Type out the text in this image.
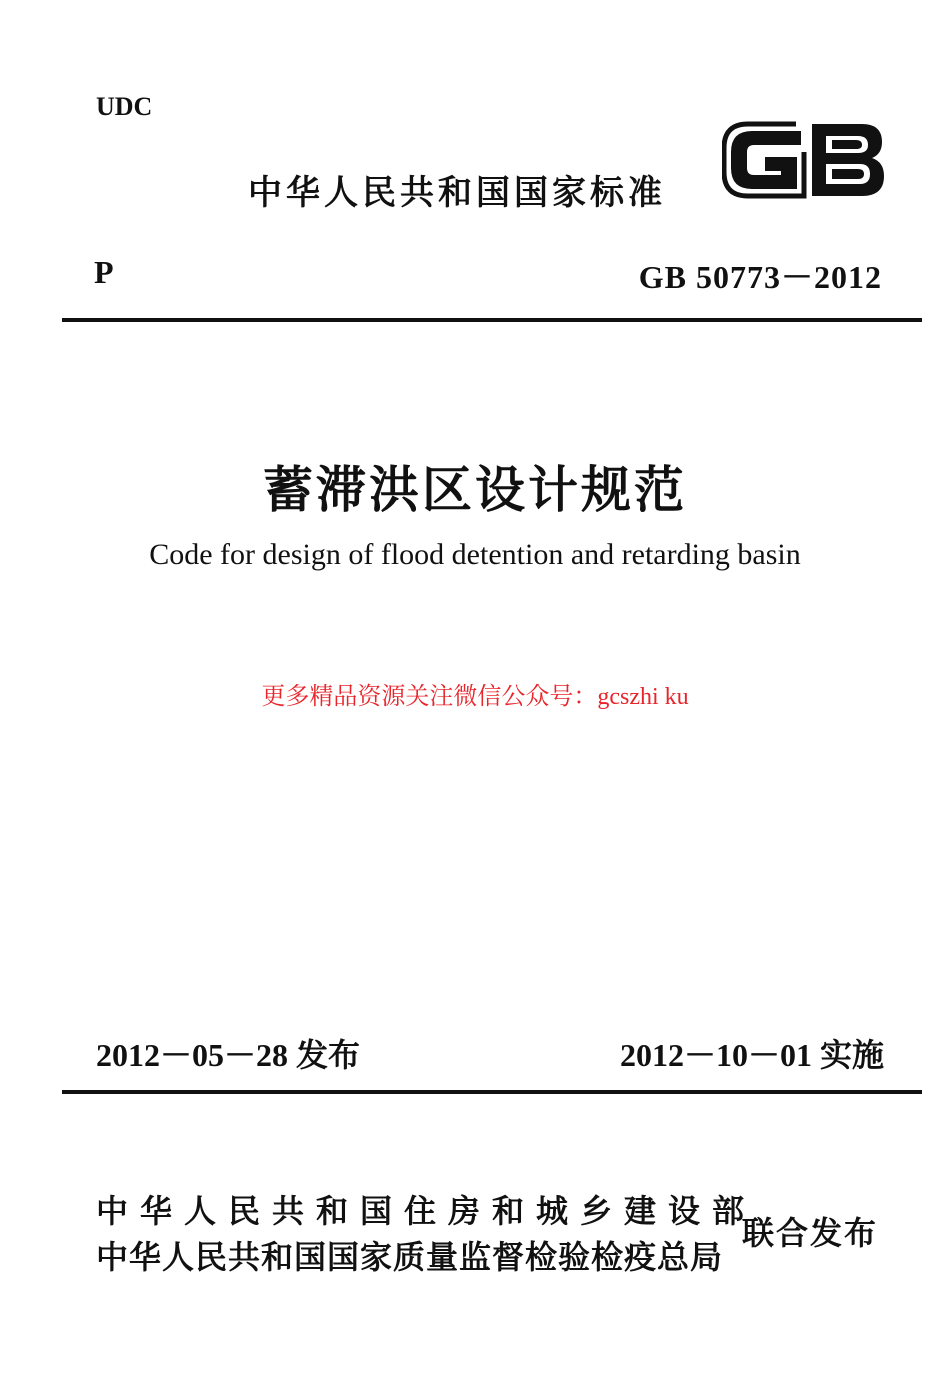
UDC
中华人民共和国国家标准
P	GB 50773－2012
蓄滞洪区设计规范
Code for design of flood detention and retarding basin
更多精品资源关注微信公众号：gcszhi ku
2012－05－28 发布	2012－10－01 实施
中华人民共和国住房和城乡建设部
中华人民共和国国家质量监督检验检疫总局
联合发布
